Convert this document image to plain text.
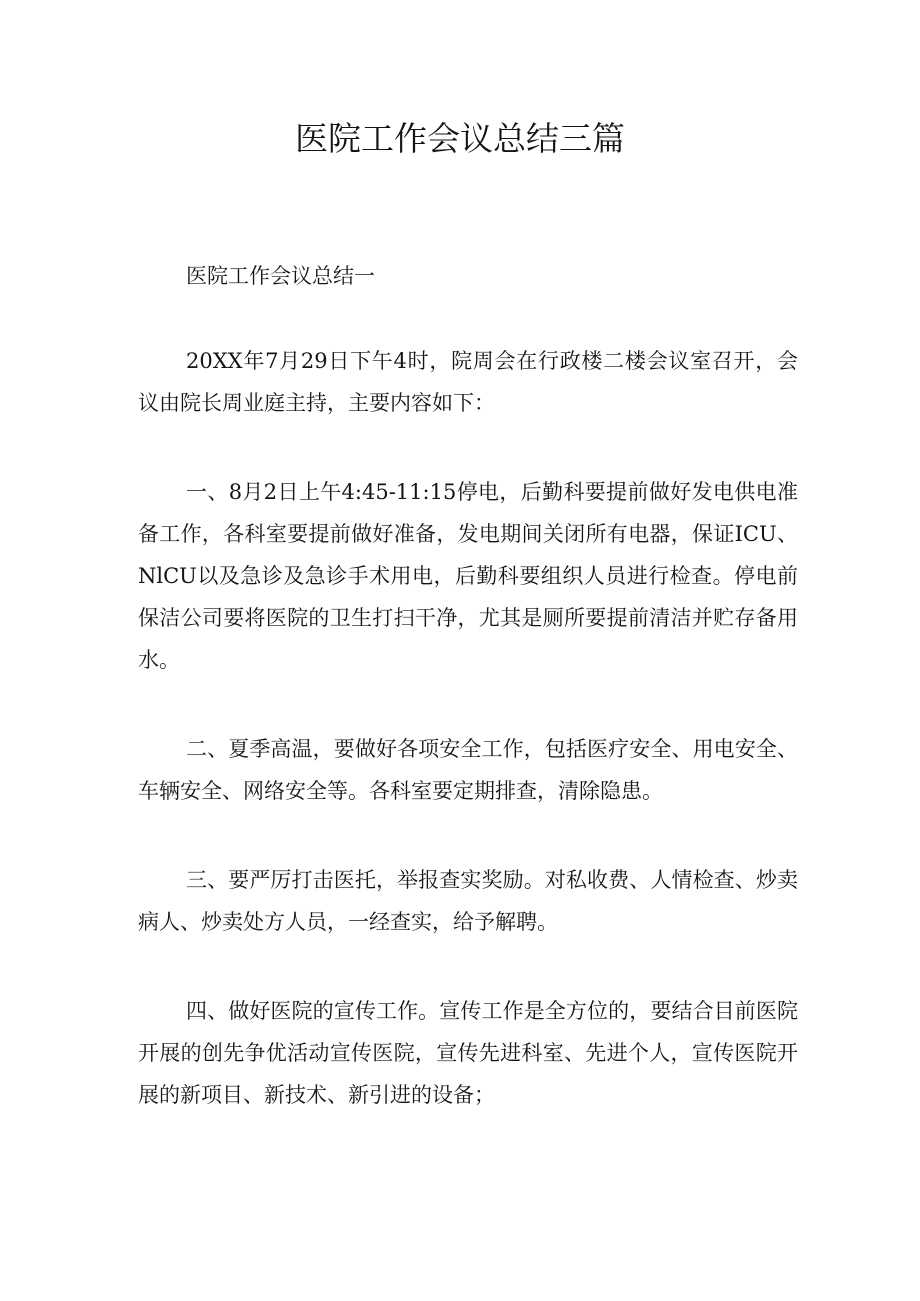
医院工作会议总结三篇

医院工作会议总结一

20XX年7月29日下午4时，院周会在行政楼二楼会议室召开，会议由院长周业庭主持，主要内容如下：

一、8月2日上午4:45-11:15停电，后勤科要提前做好发电供电准备工作，各科室要提前做好准备，发电期间关闭所有电器，保证ICU、NlCU以及急诊及急诊手术用电，后勤科要组织人员进行检查。停电前保洁公司要将医院的卫生打扫干净，尤其是厕所要提前清洁并贮存备用水。

二、夏季高温，要做好各项安全工作，包括医疗安全、用电安全、车辆安全、网络安全等。各科室要定期排查，清除隐患。

三、要严厉打击医托，举报查实奖励。对私收费、人情检查、炒卖病人、炒卖处方人员，一经查实，给予解聘。

四、做好医院的宣传工作。宣传工作是全方位的，要结合目前医院开展的创先争优活动宣传医院，宣传先进科室、先进个人，宣传医院开展的新项目、新技术、新引进的设备；
